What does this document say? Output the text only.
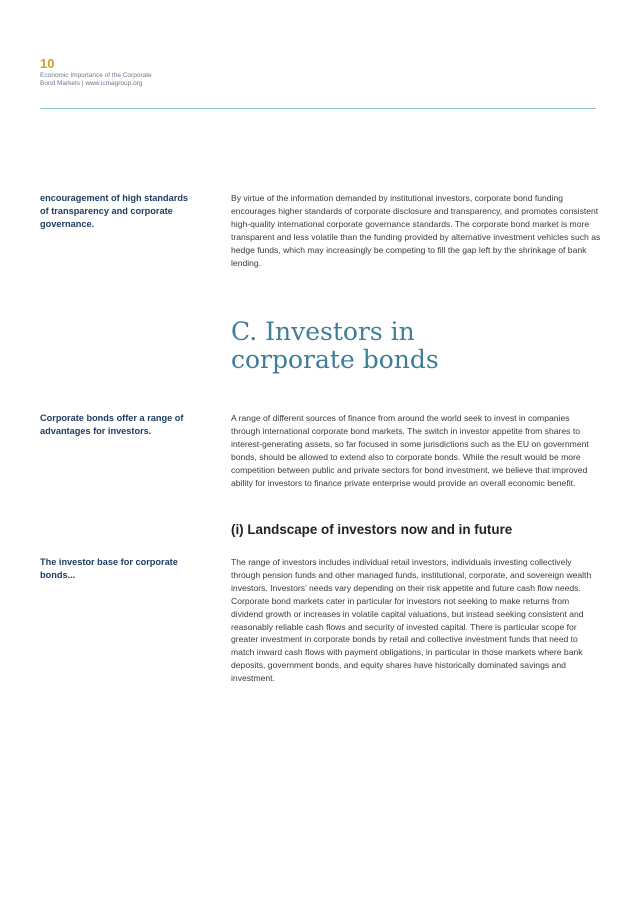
10
Economic Importance of the Corporate
Bond Markets | www.icmagroup.org
encouragement of high standards of transparency and corporate governance.
By virtue of the information demanded by institutional investors, corporate bond funding encourages higher standards of corporate disclosure and transparency, and promotes consistent high-quality international corporate governance standards. The corporate bond market is more transparent and less volatile than the funding provided by alternative investment vehicles such as hedge funds, which may increasingly be competing to fill the gap left by the shrinkage of bank lending.
C. Investors in
corporate bonds
Corporate bonds offer a range of advantages for investors.
A range of different sources of finance from around the world seek to invest in companies through international corporate bond markets. The switch in investor appetite from shares to interest-generating assets, so far focused in some jurisdictions such as the EU on government bonds, should be allowed to extend also to corporate bonds. While the result would be more competition between public and private sectors for bond investment, we believe that improved ability for investors to finance private enterprise would provide an overall economic benefit.
(i) Landscape of investors now and in future
The investor base for corporate bonds...
The range of investors includes individual retail investors, individuals investing collectively through pension funds and other managed funds, institutional, corporate, and sovereign wealth investors. Investors’ needs vary depending on their risk appetite and future cash flow needs. Corporate bond markets cater in particular for investors not seeking to make returns from dividend growth or increases in volatile capital valuations, but instead seeking consistent and reasonably reliable cash flows and security of invested capital. There is particular scope for greater investment in corporate bonds by retail and collective investment funds that need to match inward cash flows with payment obligations, in particular in those markets where bank deposits, government bonds, and equity shares have historically dominated savings and investment.
